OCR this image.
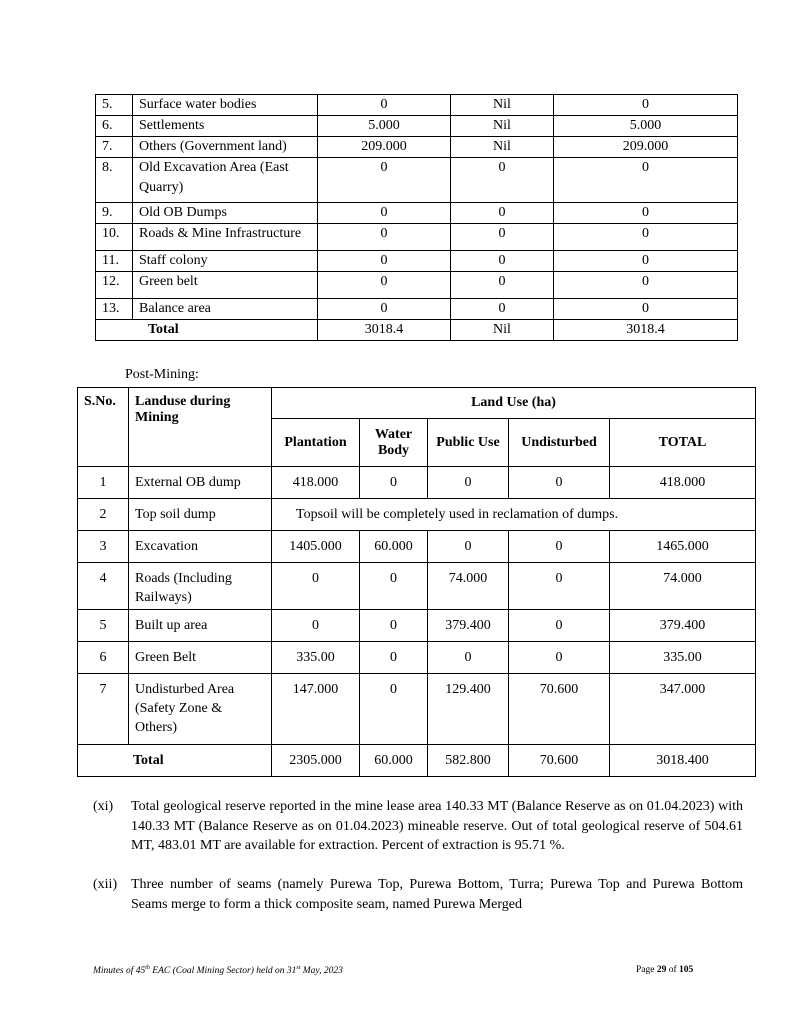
5.	Surface water bodies	0	Nil	0
6.	Settlements	5.000	Nil	5.000
7.	Others (Government land)	209.000	Nil	209.000
8.	Old Excavation Area (East Quarry)	0	0	0
9.	Old OB Dumps	0	0	0
10.	Roads & Mine Infrastructure	0	0	0
11.	Staff colony	0	0	0
12.	Green belt	0	0	0
13.	Balance area	0	0	0
Total		3018.4	Nil	3018.4
Post-Mining:
S.No.	Landuse during Mining	Land Use (ha)				
		Plantation	Water Body	Public Use	Undisturbed	TOTAL
1	External OB dump	418.000	0	0	0	418.000
2	Top soil dump	Topsoil will be completely used in reclamation of dumps.				
3	Excavation	1405.000	60.000	0	0	1465.000
4	Roads (Including Railways)	0	0	74.000	0	74.000
5	Built up area	0	0	379.400	0	379.400
6	Green Belt	335.00	0	0	0	335.00
7	Undisturbed Area (Safety Zone & Others)	147.000	0	129.400	70.600	347.000
Total		2305.000	60.000	582.800	70.600	3018.400
(xi) Total geological reserve reported in the mine lease area 140.33 MT (Balance Reserve as on 01.04.2023) with 140.33 MT (Balance Reserve as on 01.04.2023) mineable reserve. Out of total geological reserve of 504.61 MT, 483.01 MT are available for extraction. Percent of extraction is 95.71 %.
(xii) Three number of seams (namely Purewa Top, Purewa Bottom, Turra; Purewa Top and Purewa Bottom Seams merge to form a thick composite seam, named Purewa Merged
Minutes of 45th EAC (Coal Mining Sector) held on 31st May, 2023	Page 29 of 105
